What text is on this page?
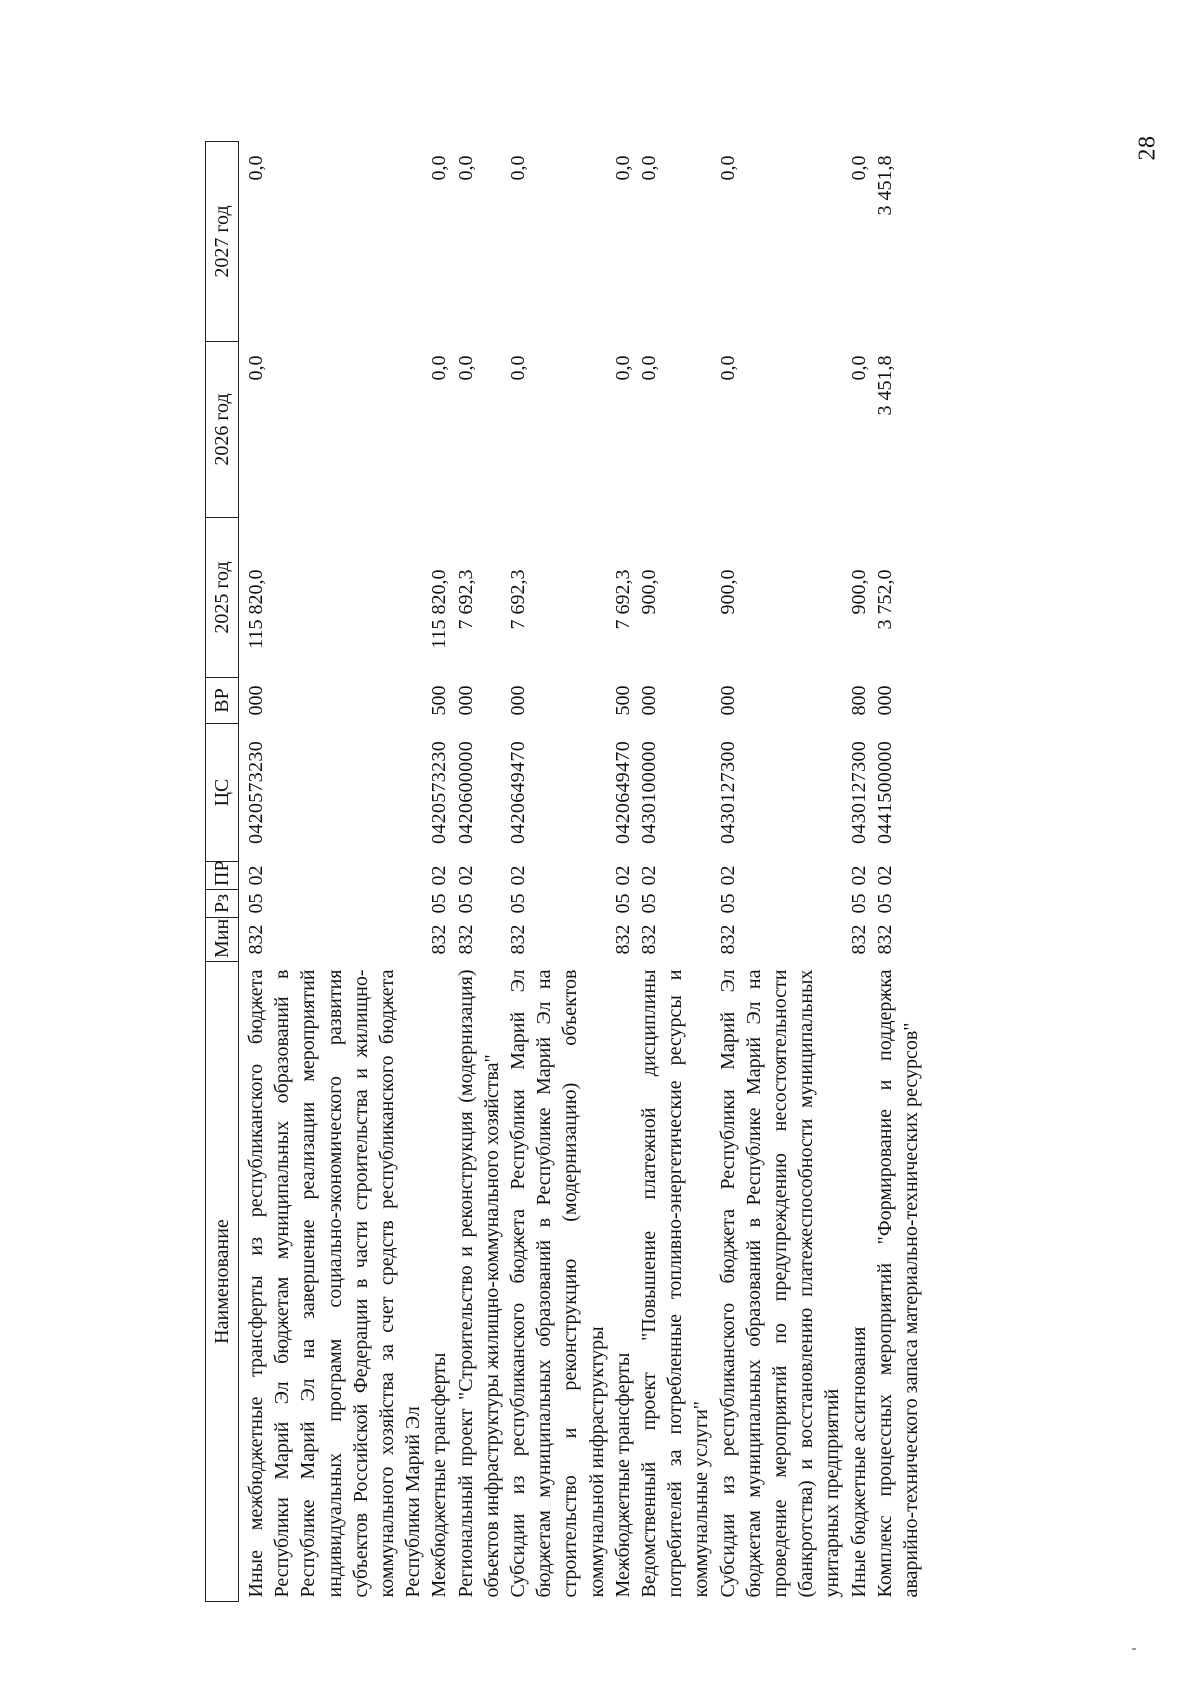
28
Наименование	Мин	Рз	ПР	ЦС	ВР	2025 год	2026 год	2027 год
Иные межбюджетные трансферты из республиканского бюджета Республики Марий Эл бюджетам муниципальных образований в Республике Марий Эл на завершение реализации мероприятий индивидуальных программ социально-экономического развития субъектов Российской Федерации в части строительства и жилищно-коммунального хозяйства за счет средств республиканского бюджета Республики Марий Эл	832	05	02	0420573230	000	115 820,0	0,0	0,0
Межбюджетные трансферты	832	05	02	0420573230	500	115 820,0	0,0	0,0
Региональный проект "Строительство и реконструкция (модернизация) объектов инфраструктуры жилищно-коммунального хозяйства"	832	05	02	0420600000	000	7 692,3	0,0	0,0
Субсидии из республиканского бюджета Республики Марий Эл бюджетам муниципальных образований в Республике Марий Эл на строительство и реконструкцию (модернизацию) объектов коммунальной инфраструктуры	832	05	02	0420649470	000	7 692,3	0,0	0,0
Межбюджетные трансферты	832	05	02	0420649470	500	7 692,3	0,0	0,0
Ведомственный проект "Повышение платежной дисциплины потребителей за потребленные топливно-энергетические ресурсы и коммунальные услуги"	832	05	02	0430100000	000	900,0	0,0	0,0
Субсидии из республиканского бюджета Республики Марий Эл бюджетам муниципальных образований в Республике Марий Эл на проведение мероприятий по предупреждению несостоятельности (банкротства) и восстановлению платежеспособности муниципальных унитарных предприятий	832	05	02	0430127300	000	900,0	0,0	0,0
Иные бюджетные ассигнования	832	05	02	0430127300	800	900,0	0,0	0,0
Комплекс процессных мероприятий "Формирование и поддержка аварийно-технического запаса материально-технических ресурсов"	832	05	02	0441500000	000	3 752,0	3 451,8	3 451,8
